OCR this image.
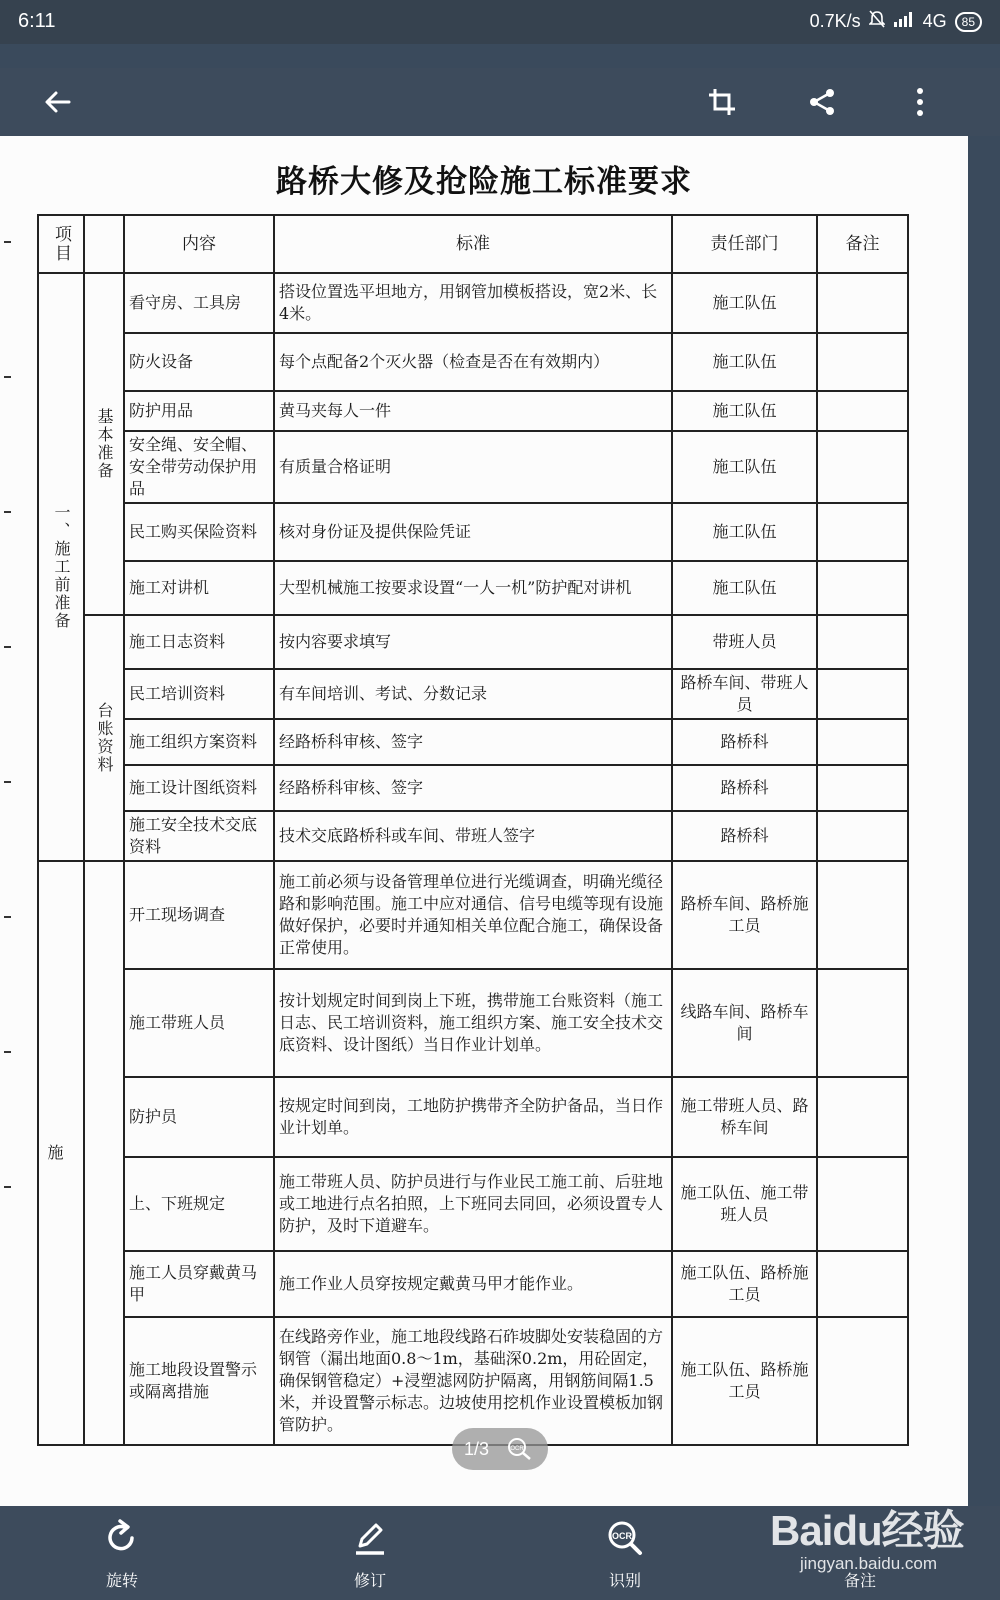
6:11	0.7K/s	4G	85
路桥大修及抢险施工标准要求
项目		内容	标准	责任部门	备注
一、施工前准备	基本准备	看守房、工具房	搭设位置选平坦地方，用钢管加模板搭设，宽2米、长4米。	施工队伍	
		防火设备	每个点配备2个灭火器（检查是否在有效期内）	施工队伍	
		防护用品	黄马夹每人一件	施工队伍	
		安全绳、安全帽、安全带劳动保护用品	有质量合格证明	施工队伍	
		民工购买保险资料	核对身份证及提供保险凭证	施工队伍	
		施工对讲机	大型机械施工按要求设置“一人一机”防护配对讲机	施工队伍	
	台账资料	施工日志资料	按内容要求填写	带班人员	
		民工培训资料	有车间培训、考试、分数记录	路桥车间、带班人员	
		施工组织方案资料	经路桥科审核、签字	路桥科	
		施工设计图纸资料	经路桥科审核、签字	路桥科	
		施工安全技术交底资料	技术交底路桥科或车间、带班人签字	路桥科	
施		开工现场调查	施工前必须与设备管理单位进行光缆调查，明确光缆径路和影响范围。施工中应对通信、信号电缆等现有设施做好保护，必要时并通知相关单位配合施工，确保设备正常使用。	路桥车间、路桥施工员	
		施工带班人员	按计划规定时间到岗上下班，携带施工台账资料（施工日志、民工培训资料，施工组织方案、施工安全技术交底资料、设计图纸）当日作业计划单。	线路车间、路桥车间	
		防护员	按规定时间到岗，工地防护携带齐全防护备品，当日作业计划单。	施工带班人员、路桥车间	
		上、下班规定	施工带班人员、防护员进行与作业民工施工前、后驻地或工地进行点名拍照，上下班同去同回，必须设置专人防护，及时下道避车。	施工队伍、施工带班人员	
		施工人员穿戴黄马甲	施工作业人员穿按规定戴黄马甲才能作业。	施工队伍、路桥施工员	
		施工地段设置警示或隔离措施	在线路旁作业，施工地段线路石砟坡脚处安装稳固的方钢管（漏出地面0.8～1m，基础深0.2m，用砼固定，确保钢管稳定）+浸塑滤网防护隔离，用钢筋间隔1.5米，并设置警示标志。边坡使用挖机作业设置模板加钢管防护。	施工队伍、路桥施工员	
1/3	OCR
旋转	修订
OCR
识别	备注
Baidu经验
jingyan.baidu.com
